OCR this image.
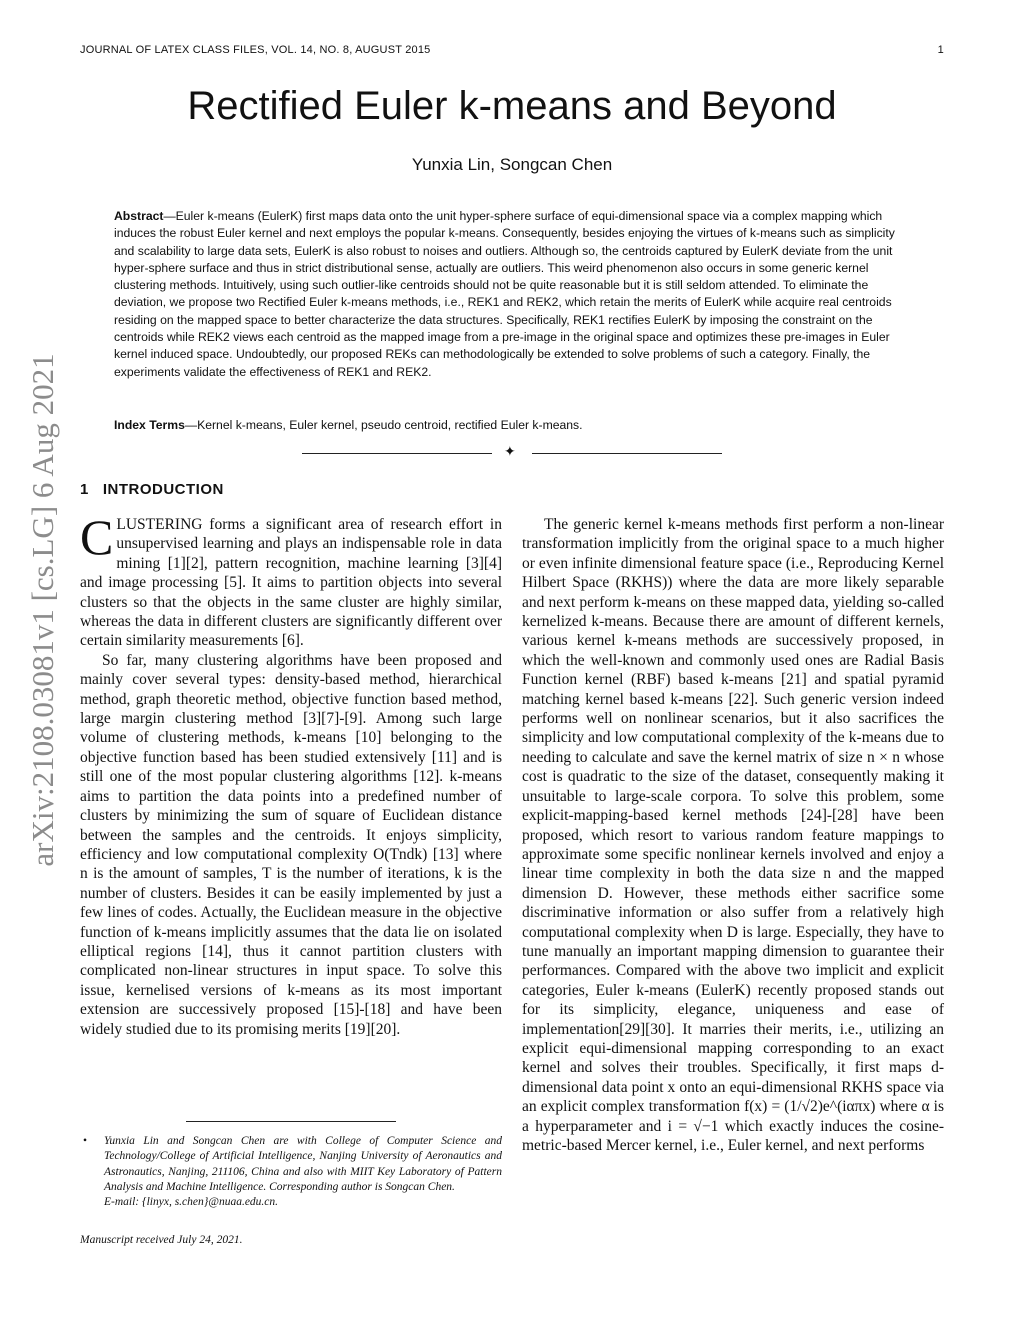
JOURNAL OF LATEX CLASS FILES, VOL. 14, NO. 8, AUGUST 2015	1
arXiv:2108.03081v1 [cs.LG] 6 Aug 2021
Rectified Euler k-means and Beyond
Yunxia Lin, Songcan Chen
Abstract—Euler k-means (EulerK) first maps data onto the unit hyper-sphere surface of equi-dimensional space via a complex mapping which induces the robust Euler kernel and next employs the popular k-means. Consequently, besides enjoying the virtues of k-means such as simplicity and scalability to large data sets, EulerK is also robust to noises and outliers. Although so, the centroids captured by EulerK deviate from the unit hyper-sphere surface and thus in strict distributional sense, actually are outliers. This weird phenomenon also occurs in some generic kernel clustering methods. Intuitively, using such outlier-like centroids should not be quite reasonable but it is still seldom attended. To eliminate the deviation, we propose two Rectified Euler k-means methods, i.e., REK1 and REK2, which retain the merits of EulerK while acquire real centroids residing on the mapped space to better characterize the data structures. Specifically, REK1 rectifies EulerK by imposing the constraint on the centroids while REK2 views each centroid as the mapped image from a pre-image in the original space and optimizes these pre-images in Euler kernel induced space. Undoubtedly, our proposed REKs can methodologically be extended to solve problems of such a category. Finally, the experiments validate the effectiveness of REK1 and REK2.
Index Terms—Kernel k-means, Euler kernel, pseudo centroid, rectified Euler k-means.
✦
1 INTRODUCTION

CLUSTERING forms a significant area of research effort in unsupervised learning and plays an indispensable role in data mining [1][2], pattern recognition, machine learning [3][4] and image processing [5]. It aims to partition objects into several clusters so that the objects in the same cluster are highly similar, whereas the data in different clusters are significantly different over certain similarity measurements [6].

So far, many clustering algorithms have been proposed and mainly cover several types: density-based method, hierarchical method, graph theoretic method, objective function based method, large margin clustering method [3][7]-[9]. Among such large volume of clustering methods, k-means [10] belonging to the objective function based has been studied extensively [11] and is still one of the most popular clustering algorithms [12]. k-means aims to partition the data points into a predefined number of clusters by minimizing the sum of square of Euclidean distance between the samples and the centroids. It enjoys simplicity, efficiency and low computational complexity O(Tndk) [13] where n is the amount of samples, T is the number of iterations, k is the number of clusters. Besides it can be easily implemented by just a few lines of codes. Actually, the Euclidean measure in the objective function of k-means implicitly assumes that the data lie on isolated elliptical regions [14], thus it cannot partition clusters with complicated non-linear structures in input space. To solve this issue, kernelised versions of k-means as its most important extension are successively proposed [15]-[18] and have been widely studied due to its promising merits [19][20].

The generic kernel k-means methods first perform a non-linear transformation implicitly from the original space to a much higher or even infinite dimensional feature space (i.e., Reproducing Kernel Hilbert Space (RKHS)) where the data are more likely separable and next perform k-means on these mapped data, yielding so-called kernelized k-means. Because there are amount of different kernels, various kernel k-means methods are successively proposed, in which the well-known and commonly used ones are Radial Basis Function kernel (RBF) based k-means [21] and spatial pyramid matching kernel based k-means [22]. Such generic version indeed performs well on nonlinear scenarios, but it also sacrifices the simplicity and low computational complexity of the k-means due to needing to calculate and save the kernel matrix of size n × n whose cost is quadratic to the size of the dataset, consequently making it unsuitable to large-scale corpora. To solve this problem, some explicit-mapping-based kernel methods [24]-[28] have been proposed, which resort to various random feature mappings to approximate some specific nonlinear kernels involved and enjoy a linear time complexity in both the data size n and the mapped dimension D. However, these methods either sacrifice some discriminative information or also suffer from a relatively high computational complexity when D is large. Especially, they have to tune manually an important mapping dimension to guarantee their performances. Compared with the above two implicit and explicit categories, Euler k-means (EulerK) recently proposed stands out for its simplicity, elegance, uniqueness and ease of implementation[29][30]. It marries their merits, i.e., utilizing an explicit equi-dimensional mapping corresponding to an exact kernel and solves their troubles. Specifically, it first maps d-dimensional data point x onto an equi-dimensional RKHS space via an explicit complex transformation f(x) = (1/√2)e^(iαπx) where α is a hyperparameter and i = √−1 which exactly induces the cosine-metric-based Mercer kernel, i.e., Euler kernel, and next performs

• Yunxia Lin and Songcan Chen are with College of Computer Science and Technology/College of Artificial Intelligence, Nanjing University of Aeronautics and Astronautics, Nanjing, 211106, China and also with MIIT Key Laboratory of Pattern Analysis and Machine Intelligence. Corresponding author is Songcan Chen.
E-mail: {linyx, s.chen}@nuaa.edu.cn.
Manuscript received July 24, 2021.
